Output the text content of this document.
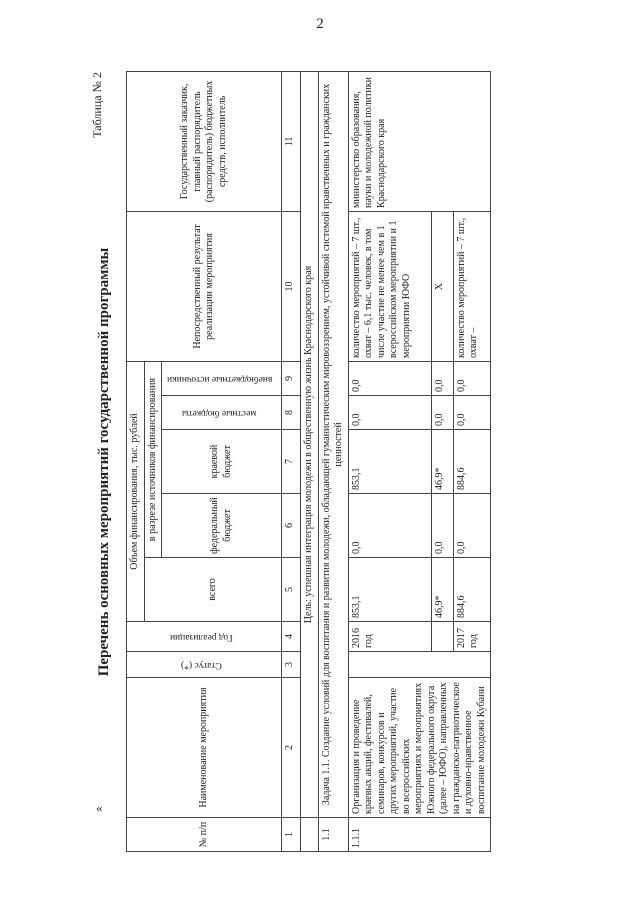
2
«
Перечень основных мероприятий государственной программы
Таблица № 2
№ п/п	Наименование мероприятия	Статус (*)	Год реализации	Объем финансирования, тыс. рублей					Непосредственный результат реализации мероприятия	Государственный заказчик, главный распорядитель (распорядитель) бюджетных средств, исполнитель
				всего	в разрезе источников финансирования					
					федеральный бюджет	краевой бюджет	местные бюджеты	внебюджетные источники		
1	2	3	4	5	6	7	8	9	10	11
	Цель: успешная интеграция молодежи в общественную жизнь Краснодарского края									
1.1	Задача 1.1. Создание условий для воспитания и развития молодежи, обладающей гуманистическим мировоззрением, устойчивой системой нравственных и гражданских ценностей									
1.1.1	Организация и проведение краевых акций, фестивалей, семинаров, конкурсов и других мероприятий, участие во всероссийских мероприятиях и мероприятиях Южного федерального округа (далее – ЮФО), направленных на гражданско-патриотическое и духовно-нравственное воспитание молодежи Кубани		2016 год	853,1	0,0	853,1	0,0	0,0	количество мероприятий – 7 шт., охват – 6,1 тыс. человек, в том числе участие не менее чем в 1 всероссийском мероприятии и 1 мероприятии ЮФО	министерство образования, науки и молодежной политики Краснодарского края
				46,9*	0,0	46,9*	0,0	0,0	X	
			2017 год	884,6	0,0	884,6	0,0	0,0	количество мероприятий – 7 шт., охват –	
